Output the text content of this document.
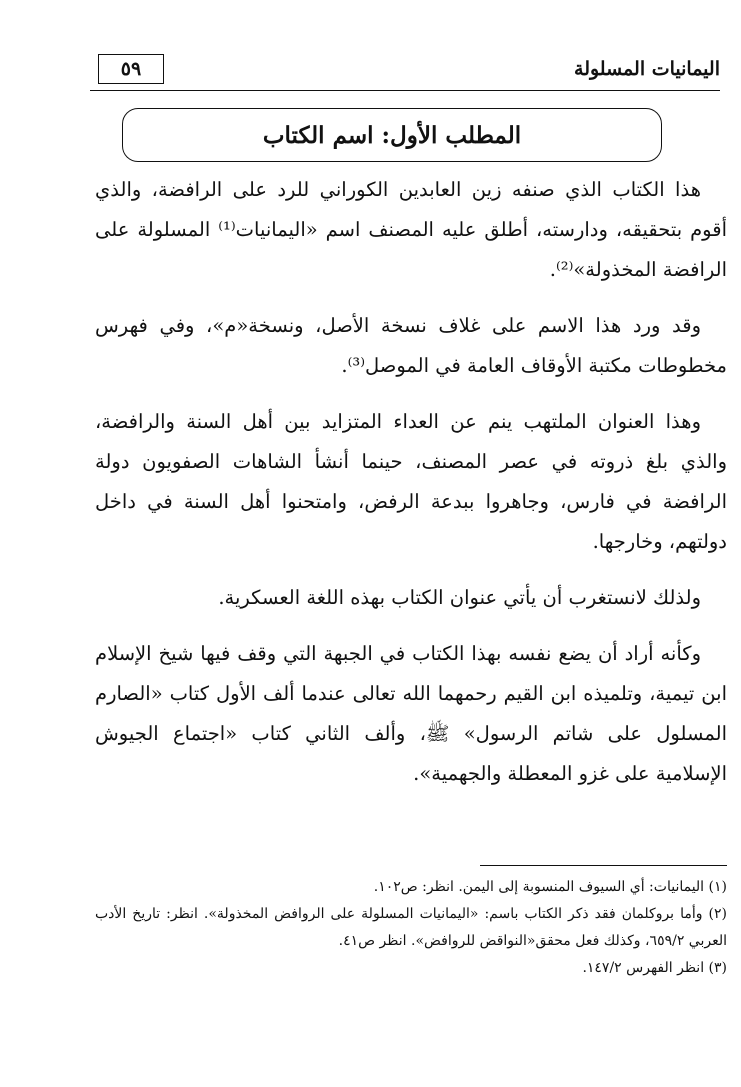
٥٩	اليمانيات المسلولة
المطلب الأول: اسم الكتاب

هذا الكتاب الذي صنفه زين العابدين الكوراني للرد على الرافضة، والذي أقوم بتحقيقه، ودارسته، أطلق عليه المصنف اسم «اليمانيات⁽¹⁾ المسلولة على الرافضة المخذولة»⁽²⁾.

وقد ورد هذا الاسم على غلاف نسخة الأصل، ونسخة«م»، وفي فهرس مخطوطات مكتبة الأوقاف العامة في الموصل⁽³⁾.

وهذا العنوان الملتهب ينم عن العداء المتزايد بين أهل السنة والرافضة، والذي بلغ ذروته في عصر المصنف، حينما أنشأ الشاهات الصفويون دولة الرافضة في فارس، وجاهروا ببدعة الرفض، وامتحنوا أهل السنة في داخل دولتهم، وخارجها.

ولذلك لانستغرب أن يأتي عنوان الكتاب بهذه اللغة العسكرية.

وكأنه أراد أن يضع نفسه بهذا الكتاب في الجبهة التي وقف فيها شيخ الإسلام ابن تيمية، وتلميذه ابن القيم رحمهما الله تعالى عندما ألف الأول كتاب «الصارم المسلول على شاتم الرسول» ﷺ، وألف الثاني كتاب «اجتماع الجيوش الإسلامية على غزو المعطلة والجهمية».

(١) اليمانيات: أي السيوف المنسوبة إلى اليمن. انظر: ص١٠٢.

(٢) وأما بروكلمان فقد ذكر الكتاب باسم: «اليمانيات المسلولة على الروافض المخذولة». انظر: تاريخ الأدب العربي ٦٥٩/٢، وكذلك فعل محقق«النواقض للروافض». انظر ص٤١.

(٣) انظر الفهرس ١٤٧/٢.
